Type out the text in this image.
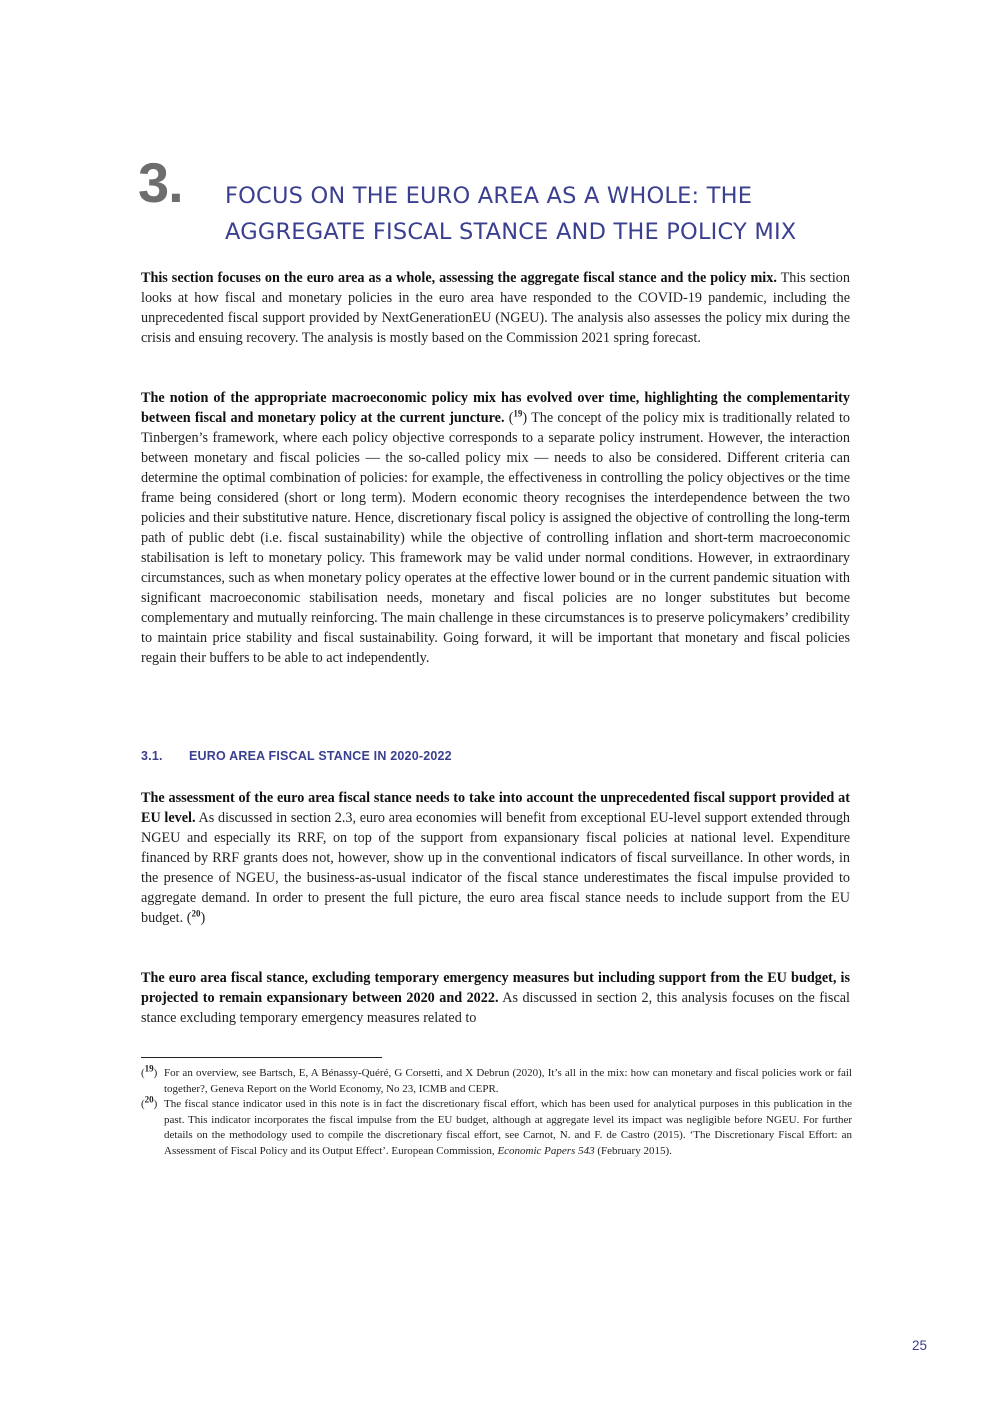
3. FOCUS ON THE EURO AREA AS A WHOLE: THE
AGGREGATE FISCAL STANCE AND THE POLICY MIX

This section focuses on the euro area as a whole, assessing the aggregate fiscal stance and the policy mix. This section looks at how fiscal and monetary policies in the euro area have responded to the COVID-19 pandemic, including the unprecedented fiscal support provided by NextGenerationEU (NGEU). The analysis also assesses the policy mix during the crisis and ensuing recovery. The analysis is mostly based on the Commission 2021 spring forecast.

The notion of the appropriate macroeconomic policy mix has evolved over time, highlighting the complementarity between fiscal and monetary policy at the current juncture. ($^{19}$) The concept of the policy mix is traditionally related to Tinbergen’s framework, where each policy objective corresponds to a separate policy instrument. However, the interaction between monetary and fiscal policies — the so-called policy mix — needs to also be considered. Different criteria can determine the optimal combination of policies: for example, the effectiveness in controlling the policy objectives or the time frame being considered (short or long term). Modern economic theory recognises the interdependence between the two policies and their substitutive nature. Hence, discretionary fiscal policy is assigned the objective of controlling the long-term path of public debt (i.e. fiscal sustainability) while the objective of controlling inflation and short-term macroeconomic stabilisation is left to monetary policy. This framework may be valid under normal conditions. However, in extraordinary circumstances, such as when monetary policy operates at the effective lower bound or in the current pandemic situation with significant macroeconomic stabilisation needs, monetary and fiscal policies are no longer substitutes but become complementary and mutually reinforcing. The main challenge in these circumstances is to preserve policymakers’ credibility to maintain price stability and fiscal sustainability. Going forward, it will be important that monetary and fiscal policies regain their buffers to be able to act independently.

3.1. EURO AREA FISCAL STANCE IN 2020-2022

The assessment of the euro area fiscal stance needs to take into account the unprecedented fiscal support provided at EU level. As discussed in section 2.3, euro area economies will benefit from exceptional EU-level support extended through NGEU and especially its RRF, on top of the support from expansionary fiscal policies at national level. Expenditure financed by RRF grants does not, however, show up in the conventional indicators of fiscal surveillance. In other words, in the presence of NGEU, the business-as-usual indicator of the fiscal stance underestimates the fiscal impulse provided to aggregate demand. In order to present the full picture, the euro area fiscal stance needs to include support from the EU budget. ($^{20}$)

The euro area fiscal stance, excluding temporary emergency measures but including support from the EU budget, is projected to remain expansionary between 2020 and 2022. As discussed in section 2, this analysis focuses on the fiscal stance excluding temporary emergency measures related to

($^{19}$) For an overview, see Bartsch, E, A Bénassy-Quéré, G Corsetti, and X Debrun (2020), It’s all in the mix: how can monetary and fiscal policies work or fail together?, Geneva Report on the World Economy, No 23, ICMB and CEPR.
($^{20}$) The fiscal stance indicator used in this note is in fact the discretionary fiscal effort, which has been used for analytical purposes in this publication in the past. This indicator incorporates the fiscal impulse from the EU budget, although at aggregate level its impact was negligible before NGEU. For further details on the methodology used to compile the discretionary fiscal effort, see Carnot, N. and F. de Castro (2015). ‘The Discretionary Fiscal Effort: an Assessment of Fiscal Policy and its Output Effect’. European Commission, Economic Papers 543 (February 2015).
25
